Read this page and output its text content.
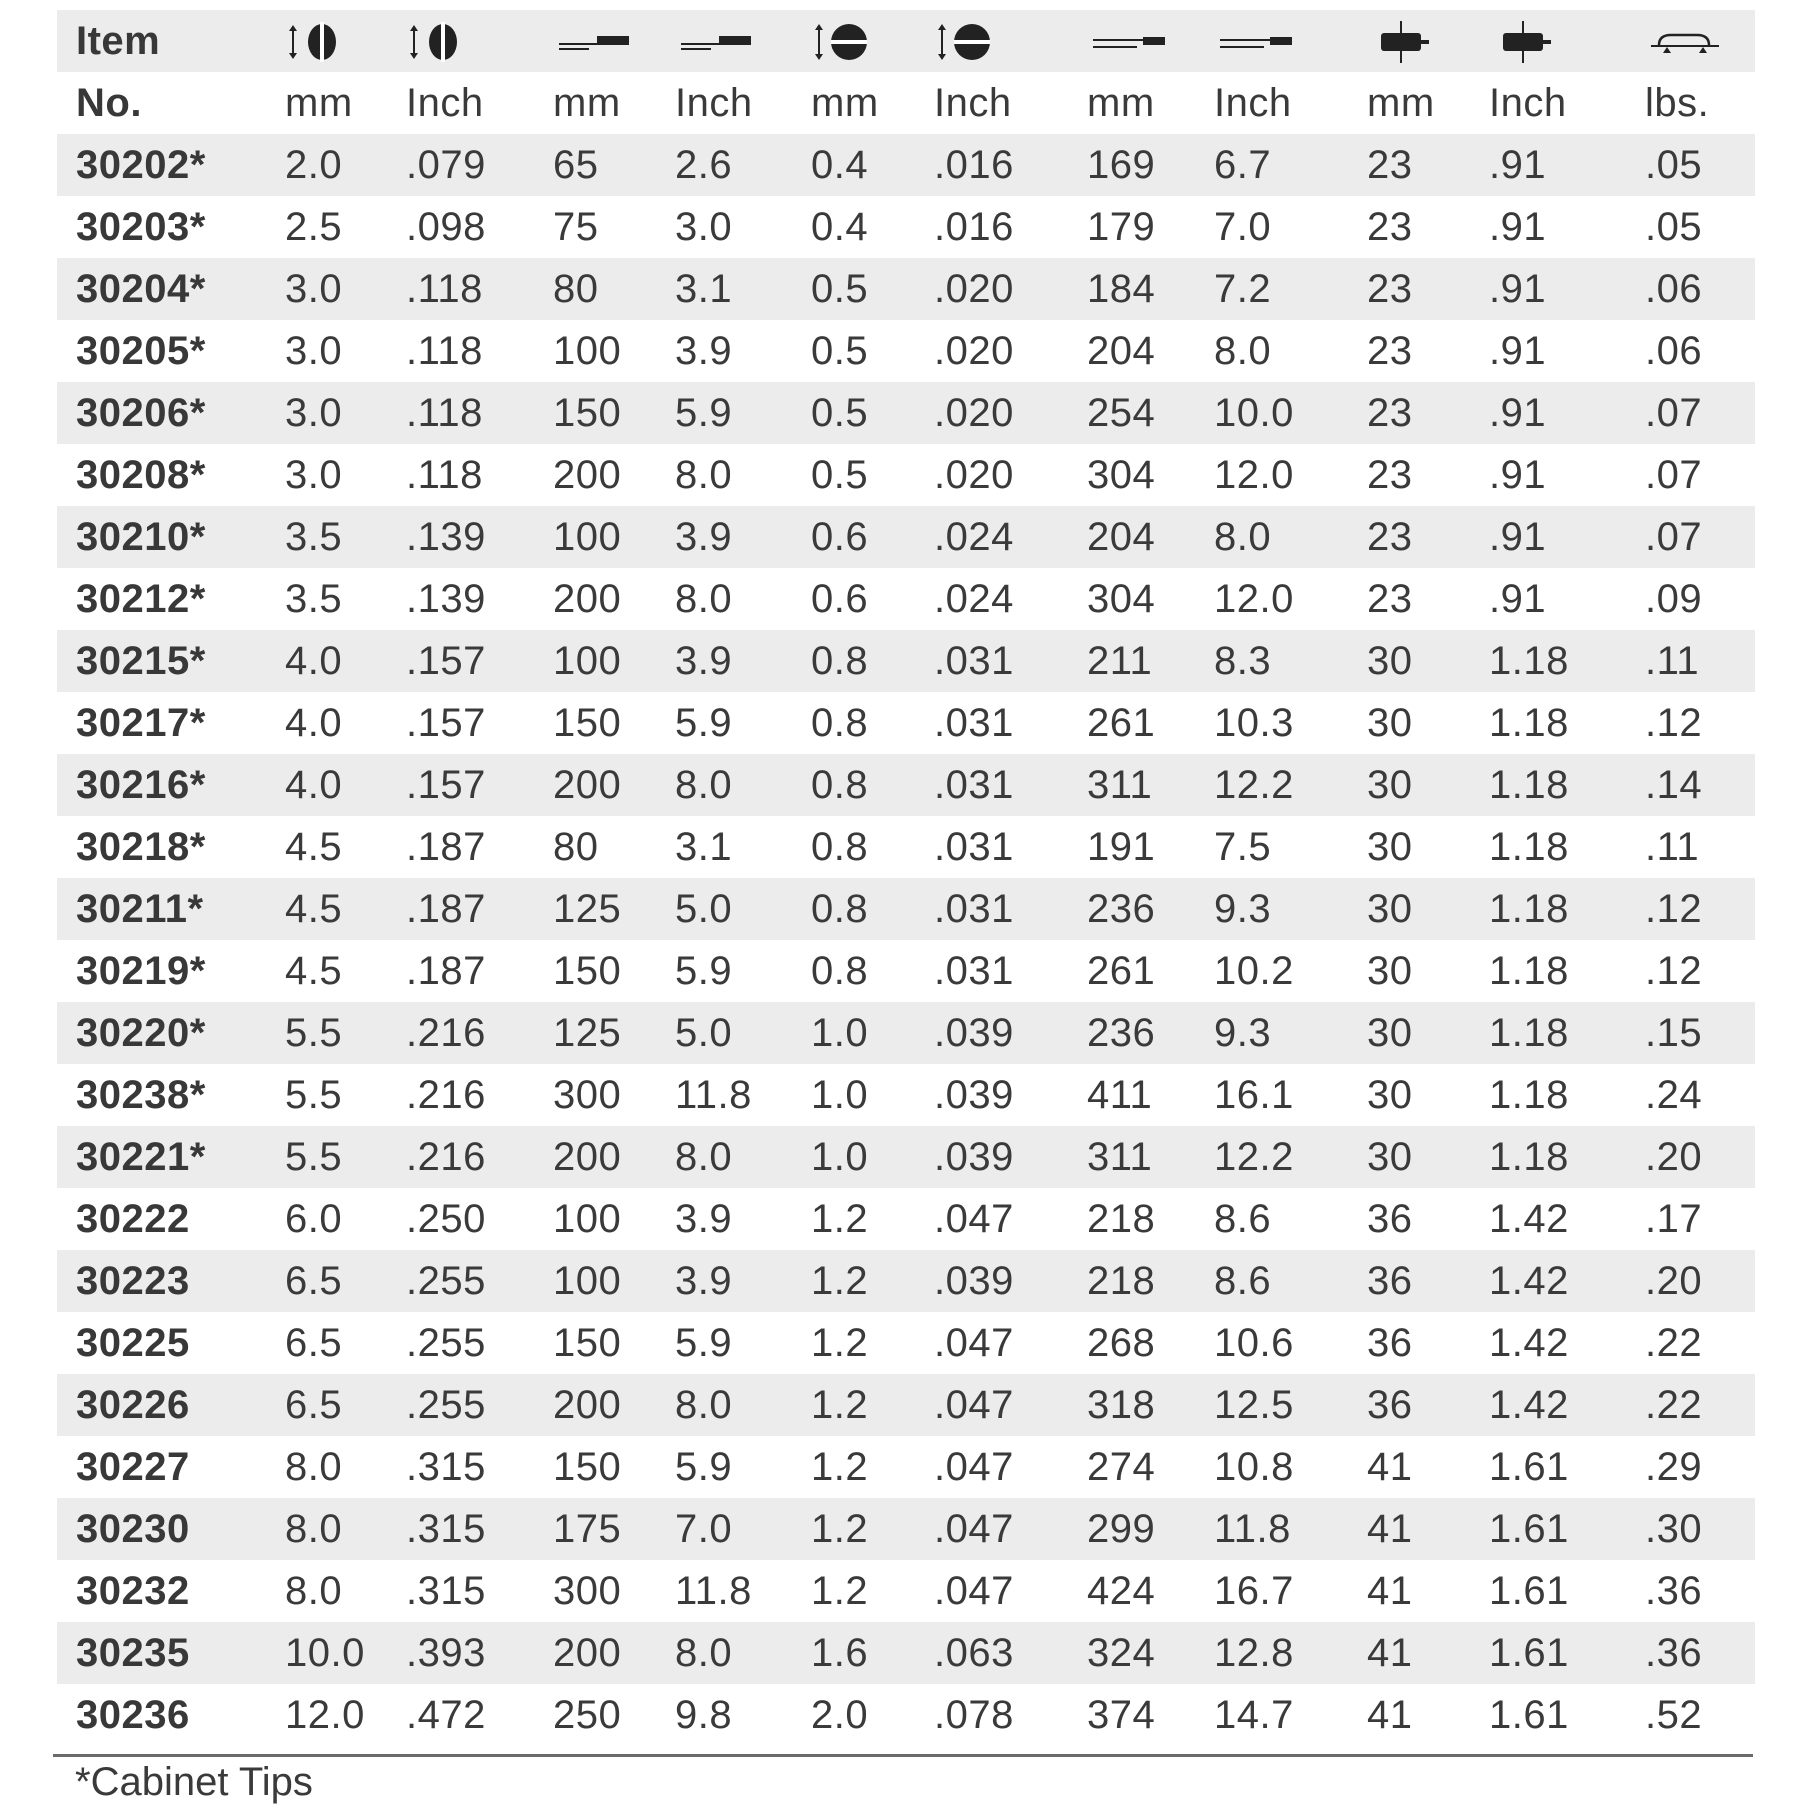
Item
No.	mm Inch mm Inch mm Inch mm Inch mm Inch lbs.
30202* 2.0 .079 65 2.6 0.4 .016 169 6.7 23 .91 .05
30203* 2.5 .098 75 3.0 0.4 .016 179 7.0 23 .91 .05
30204* 3.0 .118 80 3.1 0.5 .020 184 7.2 23 .91 .06
30205* 3.0 .118 100 3.9 0.5 .020 204 8.0 23 .91 .06
30206* 3.0 .118 150 5.9 0.5 .020 254 10.0 23 .91 .07
30208* 3.0 .118 200 8.0 0.5 .020 304 12.0 23 .91 .07
30210* 3.5 .139 100 3.9 0.6 .024 204 8.0 23 .91 .07
30212* 3.5 .139 200 8.0 0.6 .024 304 12.0 23 .91 .09
30215* 4.0 .157 100 3.9 0.8 .031 211 8.3 30 1.18 .11
30217* 4.0 .157 150 5.9 0.8 .031 261 10.3 30 1.18 .12
30216* 4.0 .157 200 8.0 0.8 .031 311 12.2 30 1.18 .14
30218* 4.5 .187 80 3.1 0.8 .031 191 7.5 30 1.18 .11
30211* 4.5 .187 125 5.0 0.8 .031 236 9.3 30 1.18 .12
30219* 4.5 .187 150 5.9 0.8 .031 261 10.2 30 1.18 .12
30220* 5.5 .216 125 5.0 1.0 .039 236 9.3 30 1.18 .15
30238* 5.5 .216 300 11.8 1.0 .039 411 16.1 30 1.18 .24
30221* 5.5 .216 200 8.0 1.0 .039 311 12.2 30 1.18 .20
30222 6.0 .250 100 3.9 1.2 .047 218 8.6 36 1.42 .17
30223 6.5 .255 100 3.9 1.2 .039 218 8.6 36 1.42 .20
30225 6.5 .255 150 5.9 1.2 .047 268 10.6 36 1.42 .22
30226 6.5 .255 200 8.0 1.2 .047 318 12.5 36 1.42 .22
30227 8.0 .315 150 5.9 1.2 .047 274 10.8 41 1.61 .29
30230 8.0 .315 175 7.0 1.2 .047 299 11.8 41 1.61 .30
30232 8.0 .315 300 11.8 1.2 .047 424 16.7 41 1.61 .36
30235 10.0 .393 200 8.0 1.6 .063 324 12.8 41 1.61 .36
30236 12.0 .472 250 9.8 2.0 .078 374 14.7 41 1.61 .52
*Cabinet Tips
